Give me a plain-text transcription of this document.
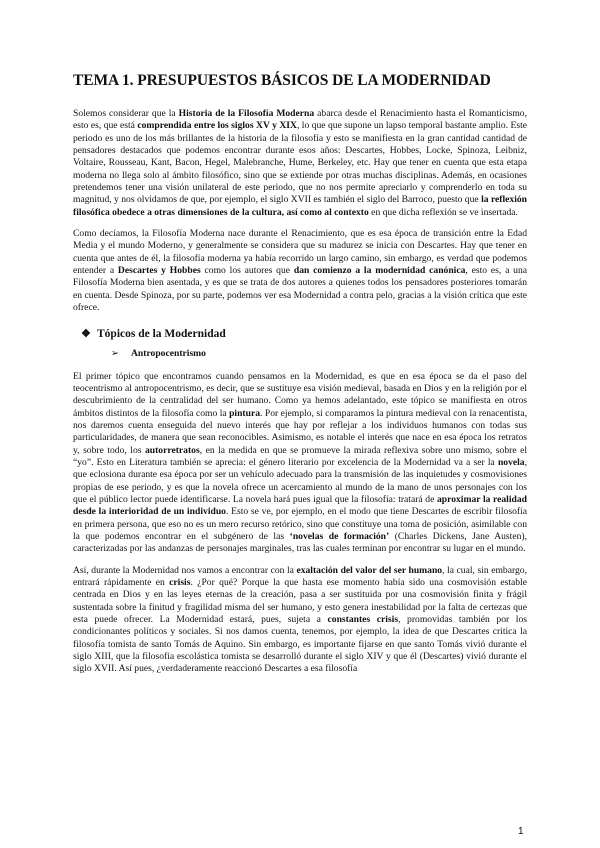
TEMA 1. PRESUPUESTOS BÁSICOS DE LA MODERNIDAD

Solemos considerar que la Historia de la Filosofía Moderna abarca desde el Renacimiento hasta el Romanticismo, esto es, que está comprendida entre los siglos XV y XIX, lo que que supone un lapso temporal bastante amplio. Este periodo es uno de los más brillantes de la historia de la filosofía y esto se manifiesta en la gran cantidad cantidad de pensadores destacados que podemos encontrar durante esos años: Descartes, Hobbes, Locke, Spinoza, Leibniz, Voltaire, Rousseau, Kant, Bacon, Hegel, Malebranche, Hume, Berkeley, etc. Hay que tener en cuenta que esta etapa moderna no llega solo al ámbito filosófico, sino que se extiende por otras muchas disciplinas. Además, en ocasiones pretendemos tener una visión unilateral de este periodo, que no nos permite apreciarlo y comprenderlo en toda su magnitud, y nos olvidamos de que, por ejemplo, el siglo XVII es también el siglo del Barroco, puesto que la reflexión filosófica obedece a otras dimensiones de la cultura, así como al contexto en que dicha reflexión se ve insertada.

Como decíamos, la Filosofía Moderna nace durante el Renacimiento, que es esa época de transición entre la Edad Media y el mundo Moderno, y generalmente se considera que su madurez se inicia con Descartes. Hay que tener en cuenta que antes de él, la filosofía moderna ya había recorrido un largo camino, sin embargo, es verdad que podemos entender a Descartes y Hobbes como los autores que dan comienzo a la modernidad canónica, esto es, a una Filosofía Moderna bien asentada, y es que se trata de dos autores a quienes todos los pensadores posteriores tomarán en cuenta. Desde Spinoza, por su parte, podemos ver esa Modernidad a contra pelo, gracias a la visión crítica que este ofrece.

❖ Tópicos de la Modernidad
➢ Antropocentrismo

El primer tópico que encontramos cuando pensamos en la Modernidad, es que en esa época se da el paso del teocentrismo al antropocentrismo, es decir, que se sustituye esa visión medieval, basada en Dios y en la religión por el descubrimiento de la centralidad del ser humano. Como ya hemos adelantado, este tópico se manifiesta en otros ámbitos distintos de la filosofía como la pintura. Por ejemplo, si comparamos la pintura medieval con la renacentista, nos daremos cuenta enseguida del nuevo interés que hay por reflejar a los individuos humanos con todas sus particularidades, de manera que sean reconocibles. Asimismo, es notable el interés que nace en esa época los retratos y, sobre todo, los autorretratos, en la medida en que se promueve la mirada reflexiva sobre uno mismo, sobre el “yo”. Esto en Literatura también se aprecia: el género literario por excelencia de la Modernidad va a ser la novela, que eclosiona durante esa época por ser un vehículo adecuado para la transmisión de las inquietudes y cosmovisiones propias de ese periodo, y es que la novela ofrece un acercamiento al mundo de la mano de unos personajes con los que el público lector puede identificarse. La novela hará pues igual que la filosofía: tratará de aproximar la realidad desde la interioridad de un individuo. Esto se ve, por ejemplo, en el modo que tiene Descartes de escribir filosofía en primera persona, que eso no es un mero recurso retórico, sino que constituye una toma de posición, asimilable con la que podemos encontrar en el subgénero de las ‘novelas de formación’ (Charles Dickens, Jane Austen), caracterizadas por las andanzas de personajes marginales, tras las cuales terminan por encontrar su lugar en el mundo.

Así, durante la Modernidad nos vamos a encontrar con la exaltación del valor del ser humano, la cual, sin embargo, entrará rápidamente en crisis. ¿Por qué? Porque la que hasta ese momento había sido una cosmovisión estable centrada en Dios y en las leyes eternas de la creación, pasa a ser sustituida por una cosmovisión finita y frágil sustentada sobre la finitud y fragilidad misma del ser humano, y esto genera inestabilidad por la falta de certezas que esta puede ofrecer. La Modernidad estará, pues, sujeta a constantes crisis, promovidas también por los condicionantes políticos y sociales. Si nos damos cuenta, tenemos, por ejemplo, la idea de que Descartes critica la filosofía tomista de santo Tomás de Aquino. Sin embargo, es importante fijarse en que santo Tomás vivió durante el siglo XIII, que la filosofía escolástica tomista se desarrolló durante el siglo XIV y que él (Descartes) vivió durante el siglo XVII. Así pues, ¿verdaderamente reaccionó Descartes a esa filosofía

1
